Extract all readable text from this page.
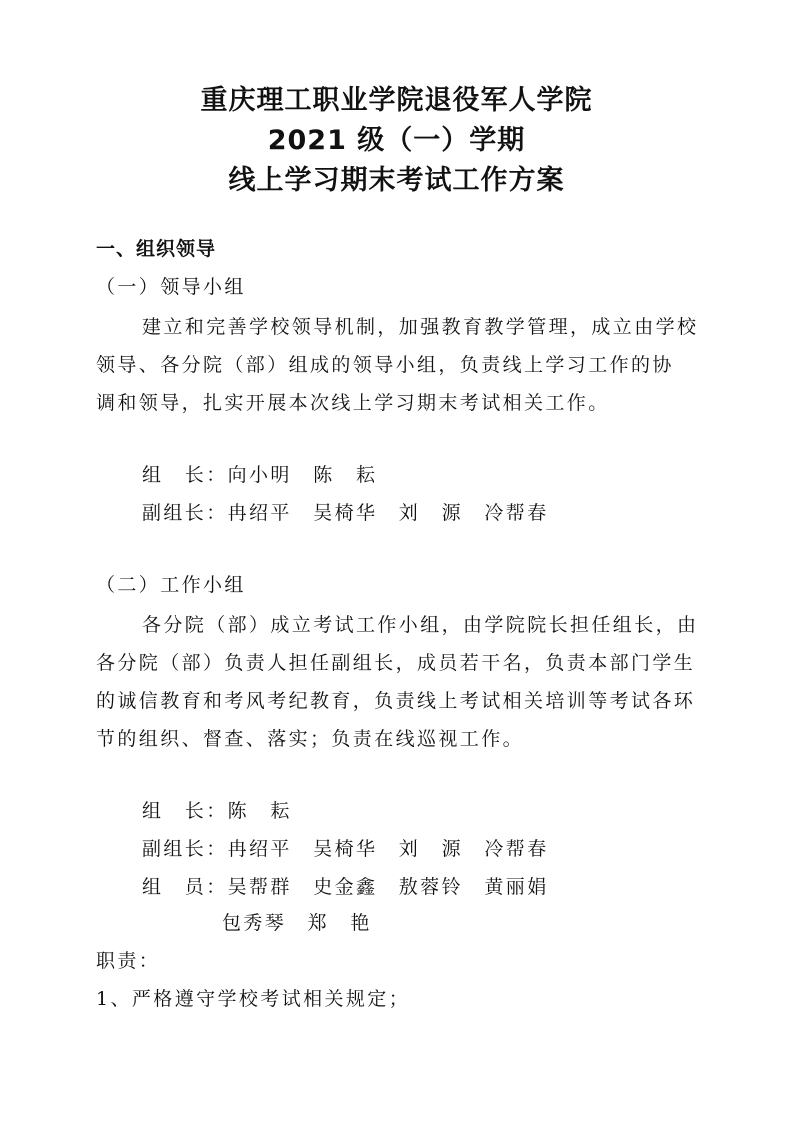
重庆理工职业学院退役军人学院
2021 级（一）学期
线上学习期末考试工作方案
一、组织领导
（一）领导小组
建立和完善学校领导机制，加强教育教学管理，成立由学校
领导、各分院（部）组成的领导小组，负责线上学习工作的协
调和领导，扎实开展本次线上学习期末考试相关工作。
组　长：向小明　陈　耘
副组长：冉绍平　吴椅华　刘　源　冷帮春
（二）工作小组
各分院（部）成立考试工作小组，由学院院长担任组长，由
各分院（部）负责人担任副组长，成员若干名，负责本部门学生
的诚信教育和考风考纪教育，负责线上考试相关培训等考试各环
节的组织、督查、落实；负责在线巡视工作。
组　长：陈　耘
副组长：冉绍平　吴椅华　刘　源　冷帮春
组　员：吴帮群　史金鑫　敖蓉铃　黄丽娟
包秀琴　郑　艳
职责：
1、严格遵守学校考试相关规定；
